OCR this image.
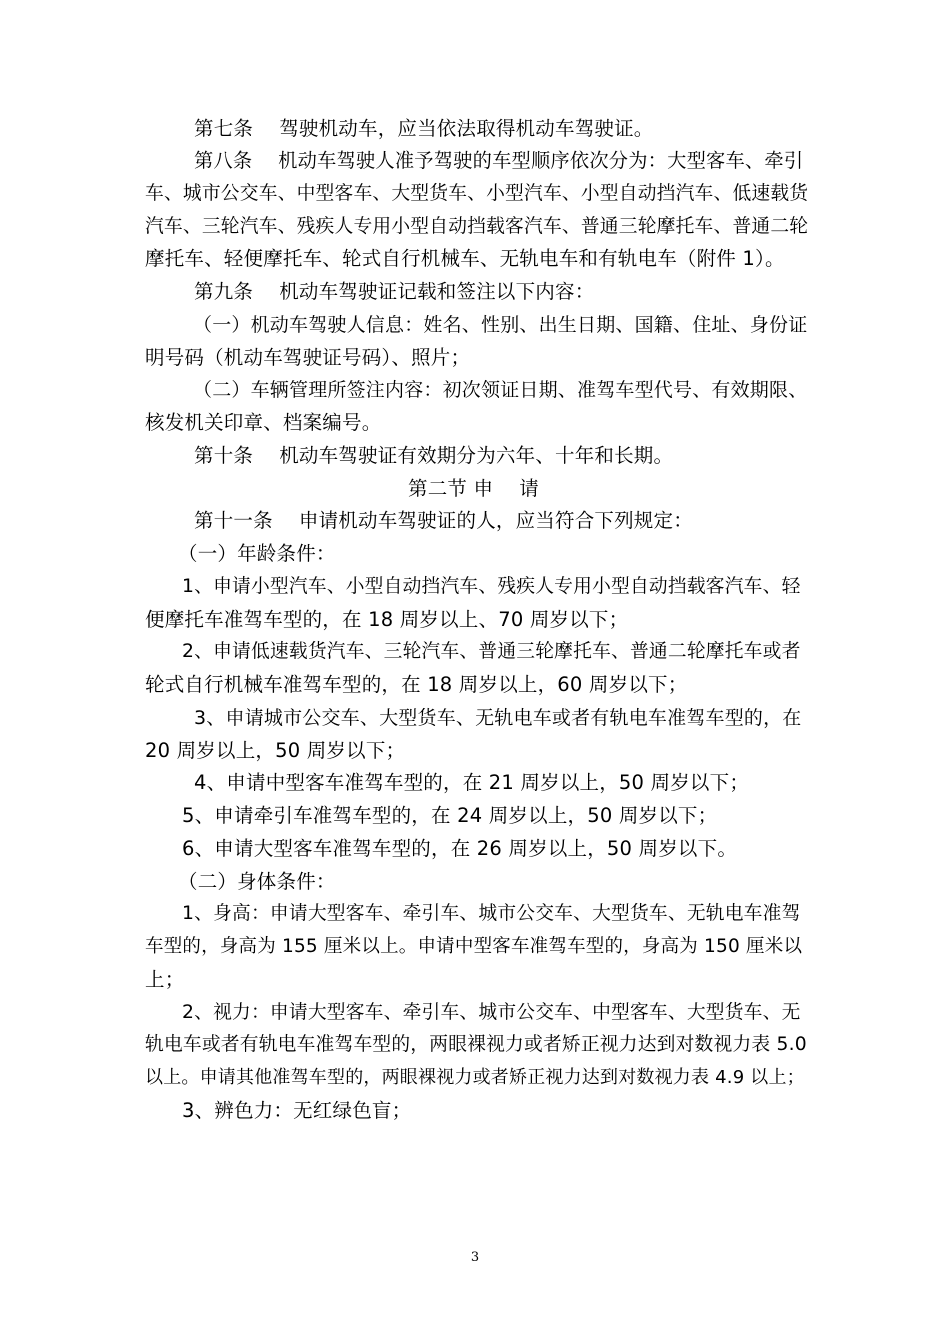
第七条　 驾驶机动车，应当依法取得机动车驾驶证。
第八条　 机动车驾驶人准予驾驶的车型顺序依次分为：大型客车、牵引
车、城市公交车、中型客车、大型货车、小型汽车、小型自动挡汽车、低速载货
汽车、三轮汽车、残疾人专用小型自动挡载客汽车、普通三轮摩托车、普通二轮
摩托车、轻便摩托车、轮式自行机械车、无轨电车和有轨电车（附件 1）。
第九条　 机动车驾驶证记载和签注以下内容：
（一）机动车驾驶人信息：姓名、性别、出生日期、国籍、住址、身份证
明号码（机动车驾驶证号码）、照片；
（二）车辆管理所签注内容：初次领证日期、准驾车型代号、有效期限、
核发机关印章、档案编号。
第十条　 机动车驾驶证有效期分为六年、十年和长期。
第二节 申　 请
第十一条　 申请机动车驾驶证的人，应当符合下列规定：
（一）年龄条件：
1、申请小型汽车、小型自动挡汽车、残疾人专用小型自动挡载客汽车、轻
便摩托车准驾车型的，在 18 周岁以上、70 周岁以下；
2、申请低速载货汽车、三轮汽车、普通三轮摩托车、普通二轮摩托车或者
轮式自行机械车准驾车型的，在 18 周岁以上，60 周岁以下；
3、申请城市公交车、大型货车、无轨电车或者有轨电车准驾车型的，在
20 周岁以上，50 周岁以下；
4、申请中型客车准驾车型的，在 21 周岁以上，50 周岁以下；
5、申请牵引车准驾车型的，在 24 周岁以上，50 周岁以下；
6、申请大型客车准驾车型的，在 26 周岁以上，50 周岁以下。
（二）身体条件：
1、身高：申请大型客车、牵引车、城市公交车、大型货车、无轨电车准驾
车型的，身高为 155 厘米以上。申请中型客车准驾车型的，身高为 150 厘米以
上；
2、视力：申请大型客车、牵引车、城市公交车、中型客车、大型货车、无
轨电车或者有轨电车准驾车型的，两眼裸视力或者矫正视力达到对数视力表 5.0
以上。申请其他准驾车型的，两眼裸视力或者矫正视力达到对数视力表 4.9 以上；
3、辨色力：无红绿色盲；
3
